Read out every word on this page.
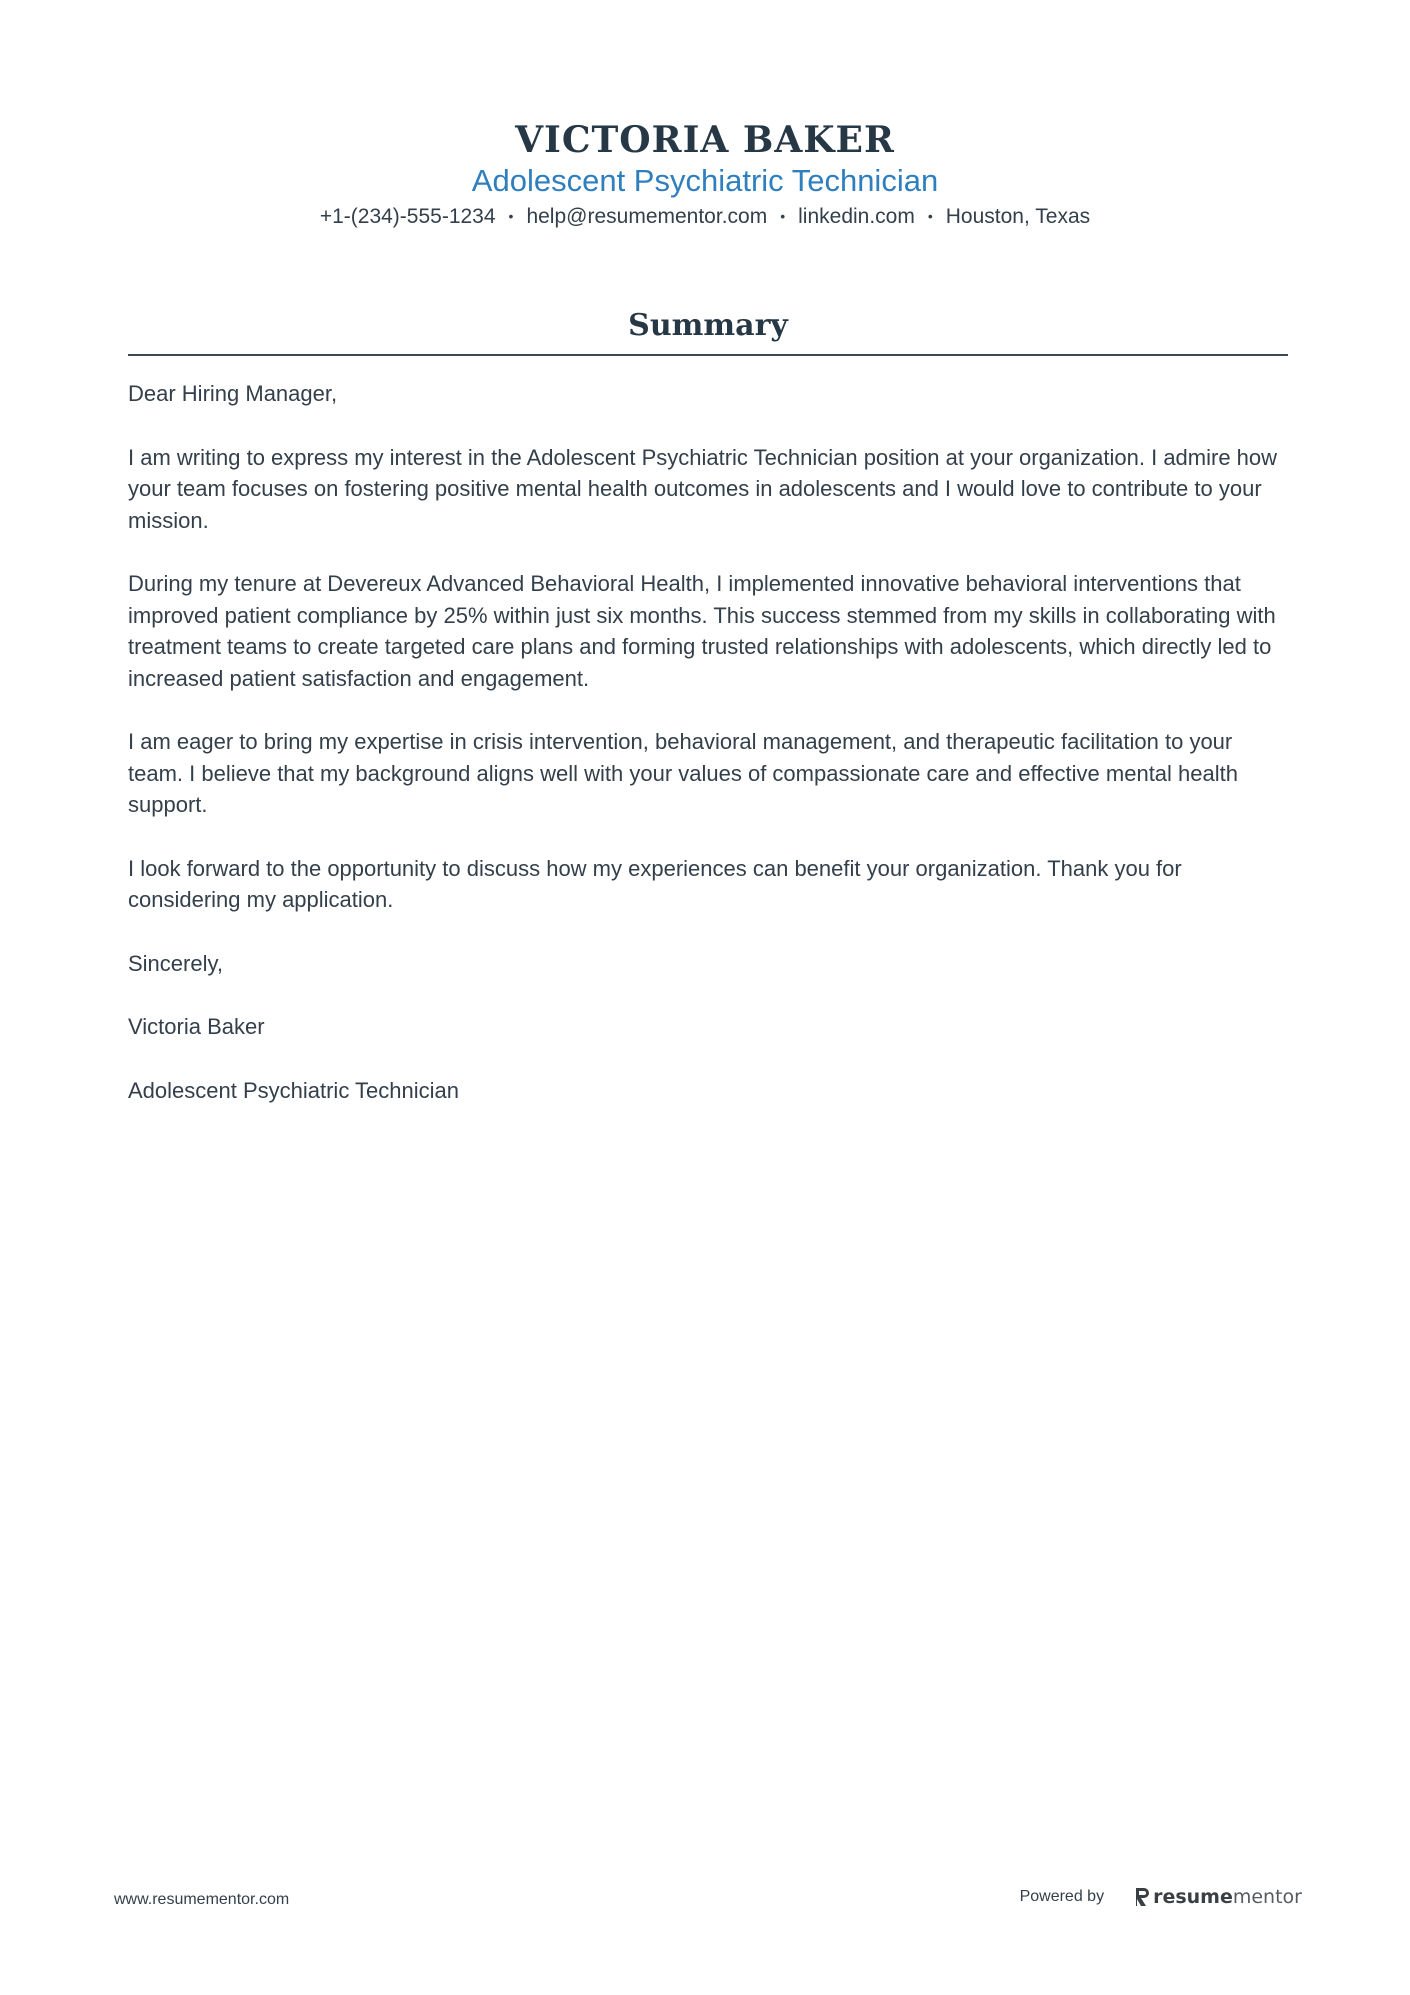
VICTORIA BAKER
Adolescent Psychiatric Technician
+1-(234)-555-1234 • help@resumementor.com • linkedin.com • Houston, Texas
Summary

Dear Hiring Manager,

I am writing to express my interest in the Adolescent Psychiatric Technician position at your organization. I admire how your team focuses on fostering positive mental health outcomes in adolescents and I would love to contribute to your mission.

During my tenure at Devereux Advanced Behavioral Health, I implemented innovative behavioral interventions that improved patient compliance by 25% within just six months. This success stemmed from my skills in collaborating with treatment teams to create targeted care plans and forming trusted relationships with adolescents, which directly led to increased patient satisfaction and engagement.

I am eager to bring my expertise in crisis intervention, behavioral management, and therapeutic facilitation to your team. I believe that my background aligns well with your values of compassionate care and effective mental health support.

I look forward to the opportunity to discuss how my experiences can benefit your organization. Thank you for considering my application.

Sincerely,

Victoria Baker

Adolescent Psychiatric Technician

www.resumementor.com	Powered by	resume mentor
